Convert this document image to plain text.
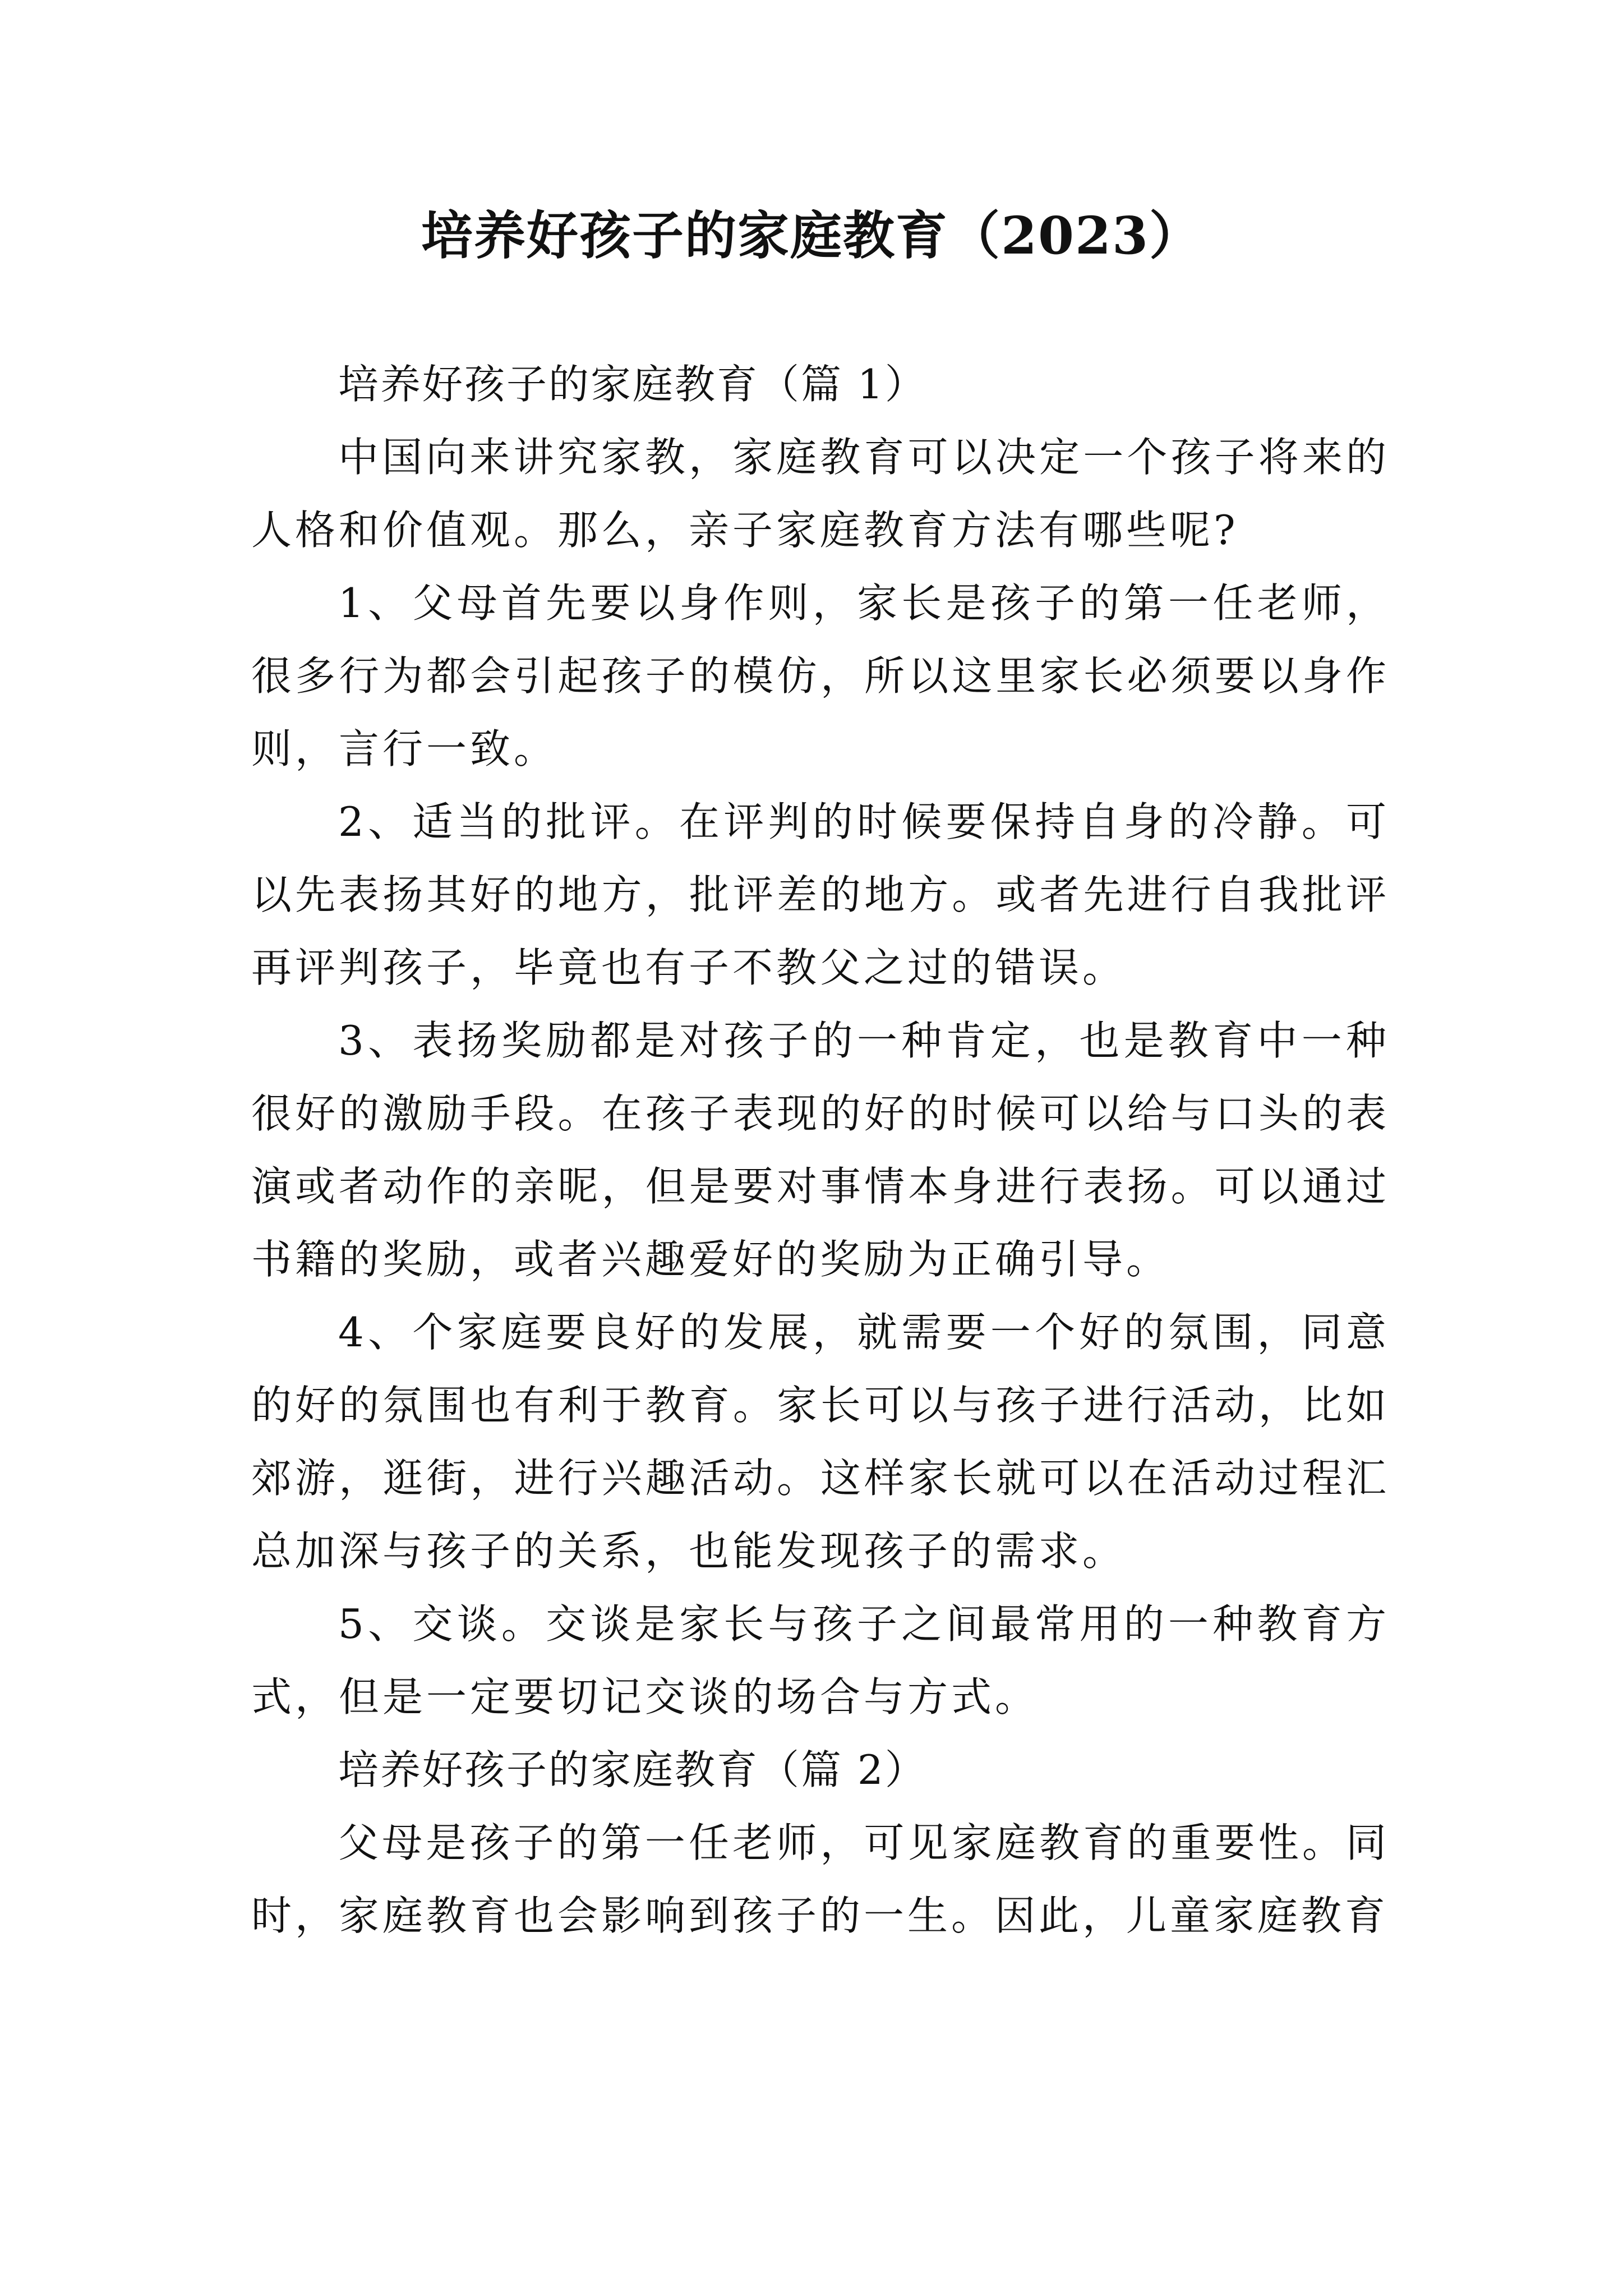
培养好孩子的家庭教育（2023）

培养好孩子的家庭教育（篇 1）

中国向来讲究家教，家庭教育可以决定一个孩子将来的人格和价值观。那么，亲子家庭教育方法有哪些呢?

1、父母首先要以身作则，家长是孩子的第一任老师，很多行为都会引起孩子的模仿，所以这里家长必须要以身作则，言行一致。

2、适当的批评。在评判的时候要保持自身的冷静。可以先表扬其好的地方，批评差的地方。或者先进行自我批评再评判孩子，毕竟也有子不教父之过的错误。

3、表扬奖励都是对孩子的一种肯定，也是教育中一种很好的激励手段。在孩子表现的好的时候可以给与口头的表演或者动作的亲昵，但是要对事情本身进行表扬。可以通过书籍的奖励，或者兴趣爱好的奖励为正确引导。

4、个家庭要良好的发展，就需要一个好的氛围，同意的好的氛围也有利于教育。家长可以与孩子进行活动，比如郊游，逛街，进行兴趣活动。这样家长就可以在活动过程汇总加深与孩子的关系，也能发现孩子的需求。

5、交谈。交谈是家长与孩子之间最常用的一种教育方式，但是一定要切记交谈的场合与方式。

培养好孩子的家庭教育（篇 2）

父母是孩子的第一任老师，可见家庭教育的重要性。同时，家庭教育也会影响到孩子的一生。因此，儿童家庭教育
